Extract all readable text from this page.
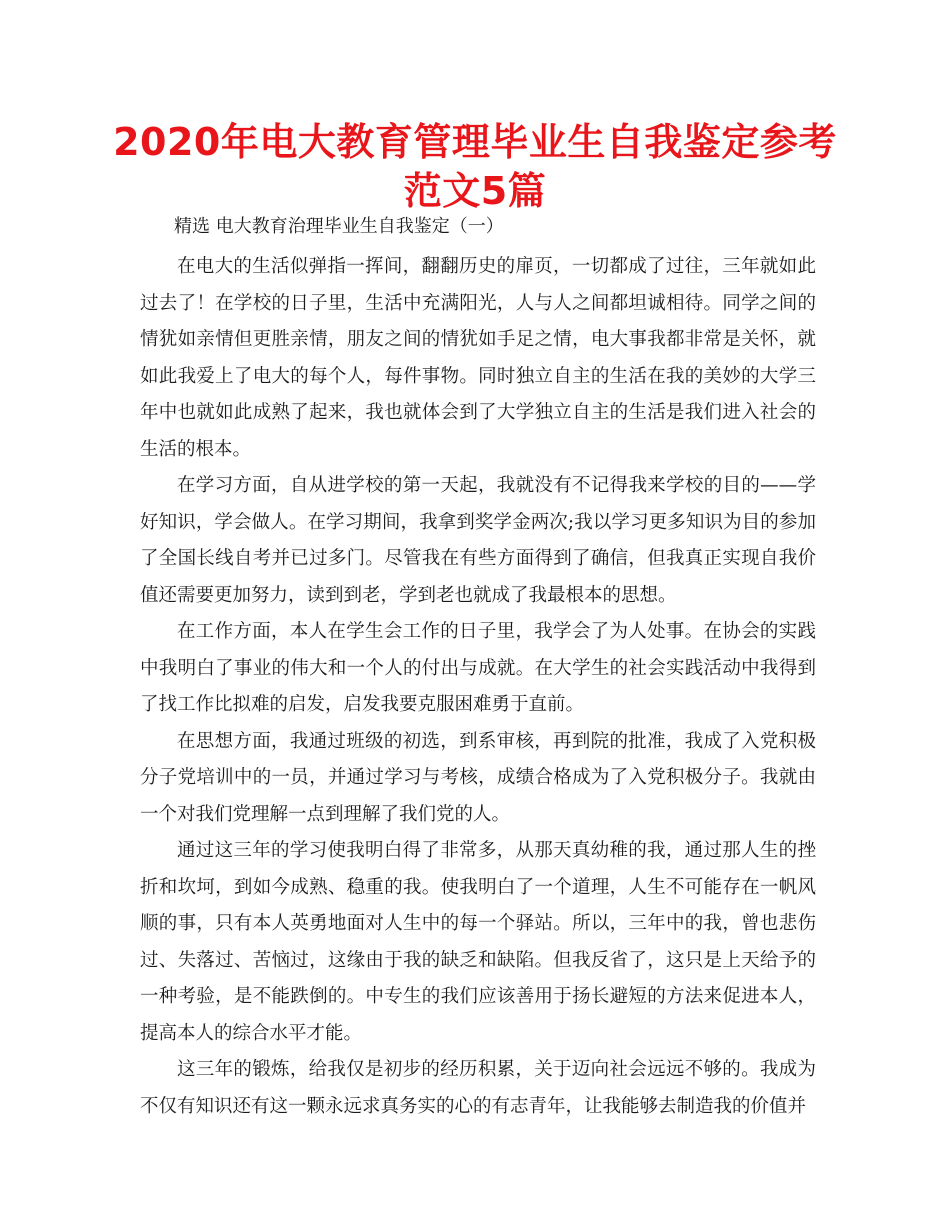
2020年电大教育管理毕业生自我鉴定参考范文5篇

精选 电大教育治理毕业生自我鉴定（一）

在电大的生活似弹指一挥间，翻翻历史的扉页，一切都成了过往，三年就如此过去了！在学校的日子里，生活中充满阳光，人与人之间都坦诚相待。同学之间的情犹如亲情但更胜亲情，朋友之间的情犹如手足之情，电大事我都非常是关怀，就如此我爱上了电大的每个人，每件事物。同时独立自主的生活在我的美妙的大学三年中也就如此成熟了起来，我也就体会到了大学独立自主的生活是我们进入社会的生活的根本。

在学习方面，自从进学校的第一天起，我就没有不记得我来学校的目的——学好知识，学会做人。在学习期间，我拿到奖学金两次;我以学习更多知识为目的参加了全国长线自考并已过多门。尽管我在有些方面得到了确信，但我真正实现自我价值还需要更加努力，读到到老，学到老也就成了我最根本的思想。

在工作方面，本人在学生会工作的日子里，我学会了为人处事。在协会的实践中我明白了事业的伟大和一个人的付出与成就。在大学生的社会实践活动中我得到了找工作比拟难的启发，启发我要克服困难勇于直前。

在思想方面，我通过班级的初选，到系审核，再到院的批准，我成了入党积极分子党培训中的一员，并通过学习与考核，成绩合格成为了入党积极分子。我就由一个对我们党理解一点到理解了我们党的人。

通过这三年的学习使我明白得了非常多，从那天真幼稚的我，通过那人生的挫折和坎坷，到如今成熟、稳重的我。使我明白了一个道理，人生不可能存在一帆风顺的事，只有本人英勇地面对人生中的每一个驿站。所以，三年中的我，曾也悲伤过、失落过、苦恼过，这缘由于我的缺乏和缺陷。但我反省了，这只是上天给予的一种考验，是不能跌倒的。中专生的我们应该善用于扬长避短的方法来促进本人，提高本人的综合水平才能。

这三年的锻炼，给我仅是初步的经历积累，关于迈向社会远远不够的。我成为不仅有知识还有这一颗永远求真务实的心的有志青年，让我能够去制造我的价值并
